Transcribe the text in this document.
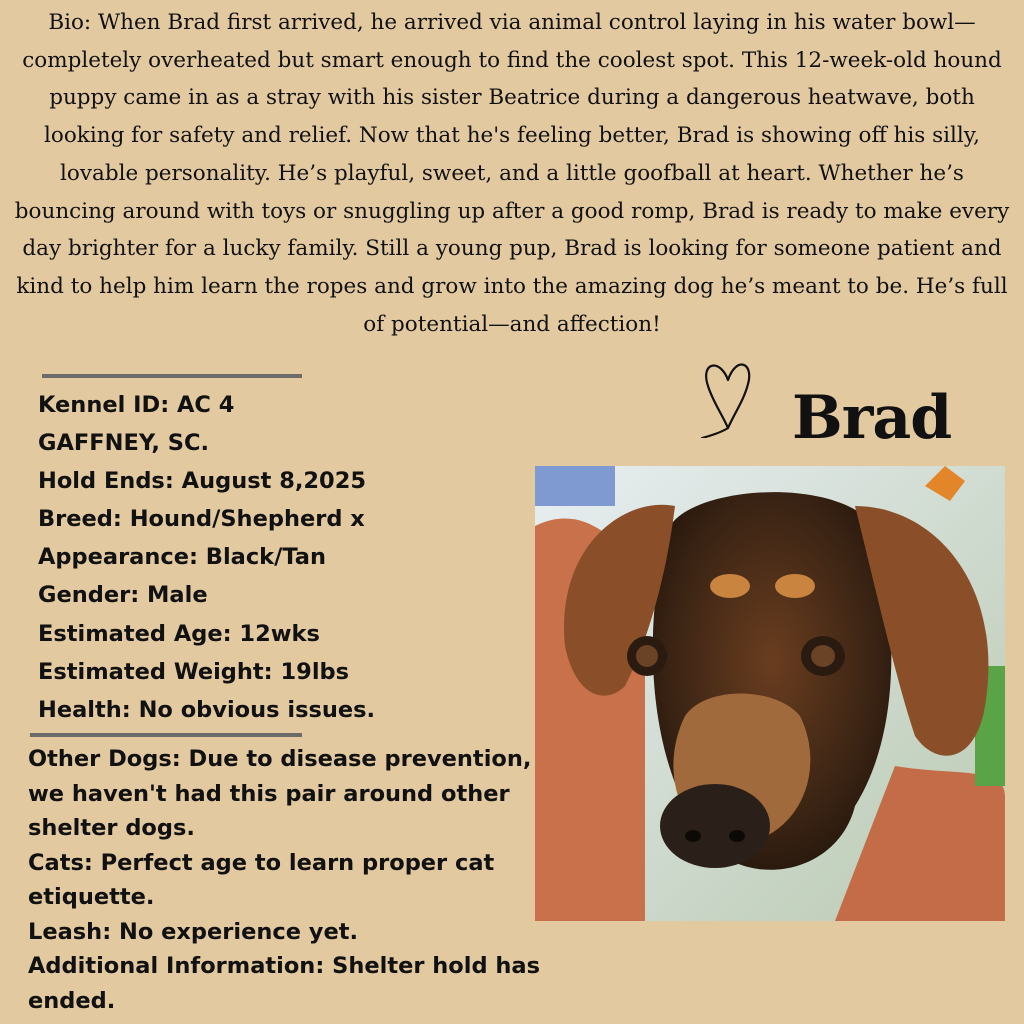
Bio: When Brad first arrived, he arrived via animal control laying in his water bowl—completely overheated but smart enough to find the coolest spot. This 12-week-old hound puppy came in as a stray with his sister Beatrice during a dangerous heatwave, both looking for safety and relief. Now that he's feeling better, Brad is showing off his silly, lovable personality. He’s playful, sweet, and a little goofball at heart. Whether he’s bouncing around with toys or snuggling up after a good romp, Brad is ready to make every day brighter for a lucky family. Still a young pup, Brad is looking for someone patient and kind to help him learn the ropes and grow into the amazing dog he’s meant to be. He’s full of potential—and affection!

Kennel ID: AC 4
GAFFNEY, SC.
Hold Ends: August 8,2025
Breed: Hound/Shepherd x
Appearance: Black/Tan
Gender: Male
Estimated Age: 12wks
Estimated Weight: 19lbs
Health: No obvious issues.

Other Dogs: Due to disease prevention, we haven't had this pair around other shelter dogs.

Cats: Perfect age to learn proper cat etiquette.

Leash: No experience yet.

Additional Information: Shelter hold has ended.

Brad
